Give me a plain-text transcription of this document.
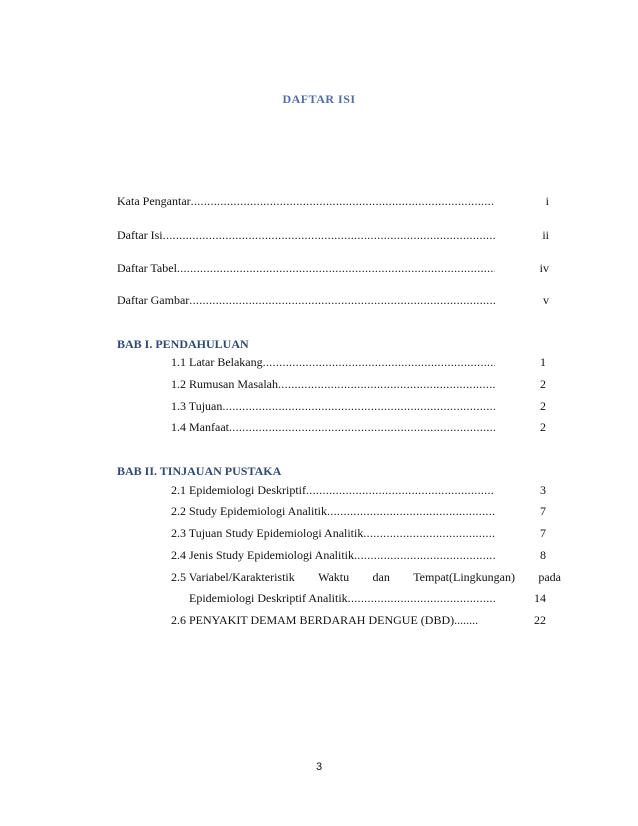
DAFTAR ISI
Kata Pengantar .....	i
Daftar Isi .....	ii
Daftar Tabel .....	iv
Daftar Gambar .....	v
BAB I. PENDAHULUAN
1.1 Latar Belakang .....	1
1.2 Rumusan Masalah .....	2
1.3 Tujuan .....	2
1.4 Manfaat .....	2
BAB II. TINJAUAN PUSTAKA
2.1 Epidemiologi Deskriptif .....	3
2.2 Study Epidemiologi Analitik .....	7
2.3 Tujuan Study Epidemiologi Analitik .....	7
2.4 Jenis Study Epidemiologi Analitik .....	8
2.5 Variabel/Karakteristik Waktu dan Tempat(Lingkungan) pada
Epidemiologi Deskriptif Analitik .....	14
2.6 PENYAKIT DEMAM BERDARAH DENGUE (DBD)........	22
3
